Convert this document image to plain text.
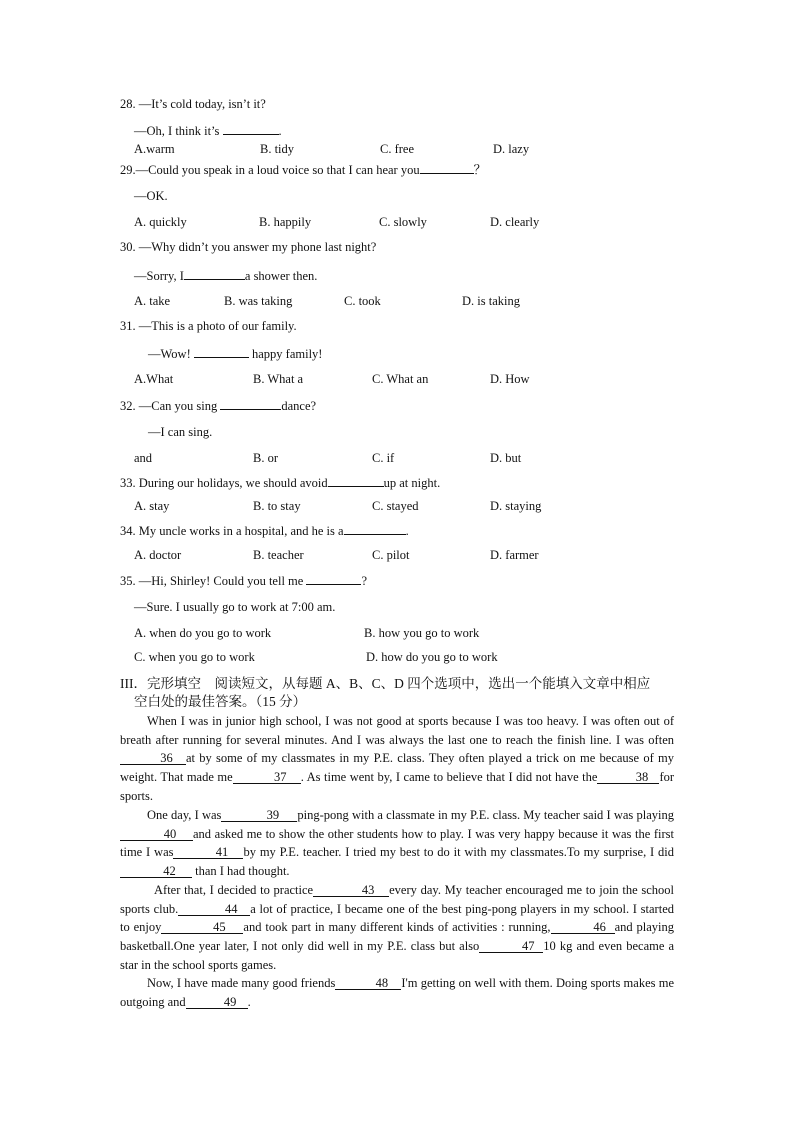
28. —It’s cold today, isn’t it?
—Oh, I think it’s	.
A.warm	B. tidy	C. free	D. lazy
29.—Could you speak in a loud voice so that I can hear you	？
—OK.
A. quickly	B. happily	C. slowly	D. clearly
30. —Why didn’t you answer my phone last night?
—Sorry, I	a shower then.
A. take	B. was taking	C. took	D. is taking
31. —This is a photo of our family.
—Wow!	happy family!
A.What	B. What a	C. What an	D. How
32. —Can you sing	dance?
—I can sing.
and	B. or	C. if	D. but
33. During our holidays, we should avoid	up at night.
A. stay	B. to stay	C. stayed	D. staying
34. My uncle works in a hospital, and he is a	.
A. doctor	B. teacher	C. pilot	D. farmer
35. —Hi, Shirley! Could you tell me	?
—Sure. I usually go to work at 7:00 am.
A. when do you go to work	B. how you go to work
C. when you go to work	D. how do you go to work
III．完形填空　阅读短文，从每题 A、B、C、D 四个选项中，选出一个能填入文章中相应
空白处的最佳答案。（15 分）
When I was in junior high school, I was not good at sports because I was too heavy. I was often out of breath after running for several minutes. And I was always the last one to reach the finish line. I was often 36 at by some of my classmates in my P.E. class. They often played a trick on me because of my weight. That made me	37 . As time went by, I came to believe that I did not have the	38 for sports.
One day, I was	39 ping-pong with a classmate in my P.E. class. My teacher said I was playing 40 and asked me to show the other students how to play. I was very happy because it was the first time I was	41 by my P.E. teacher. I tried my best to do it with my classmates.To my surprise, I did42 than I had thought.
After that, I decided to practice	43 every day. My teacher encouraged me to join the school sports club.	44 a lot of practice, I became one of the best ping-pong players in my school. I started to enjoy	45 and took part in many different kinds of activities : running,	46 and playing basketball.One year later, I not only did well in my P.E. class but also	47 10 kg and even became a star in the school sports games.
Now, I have made many good friends	48 I'm getting on well with them. Doing sports makes me outgoing and	49 .
